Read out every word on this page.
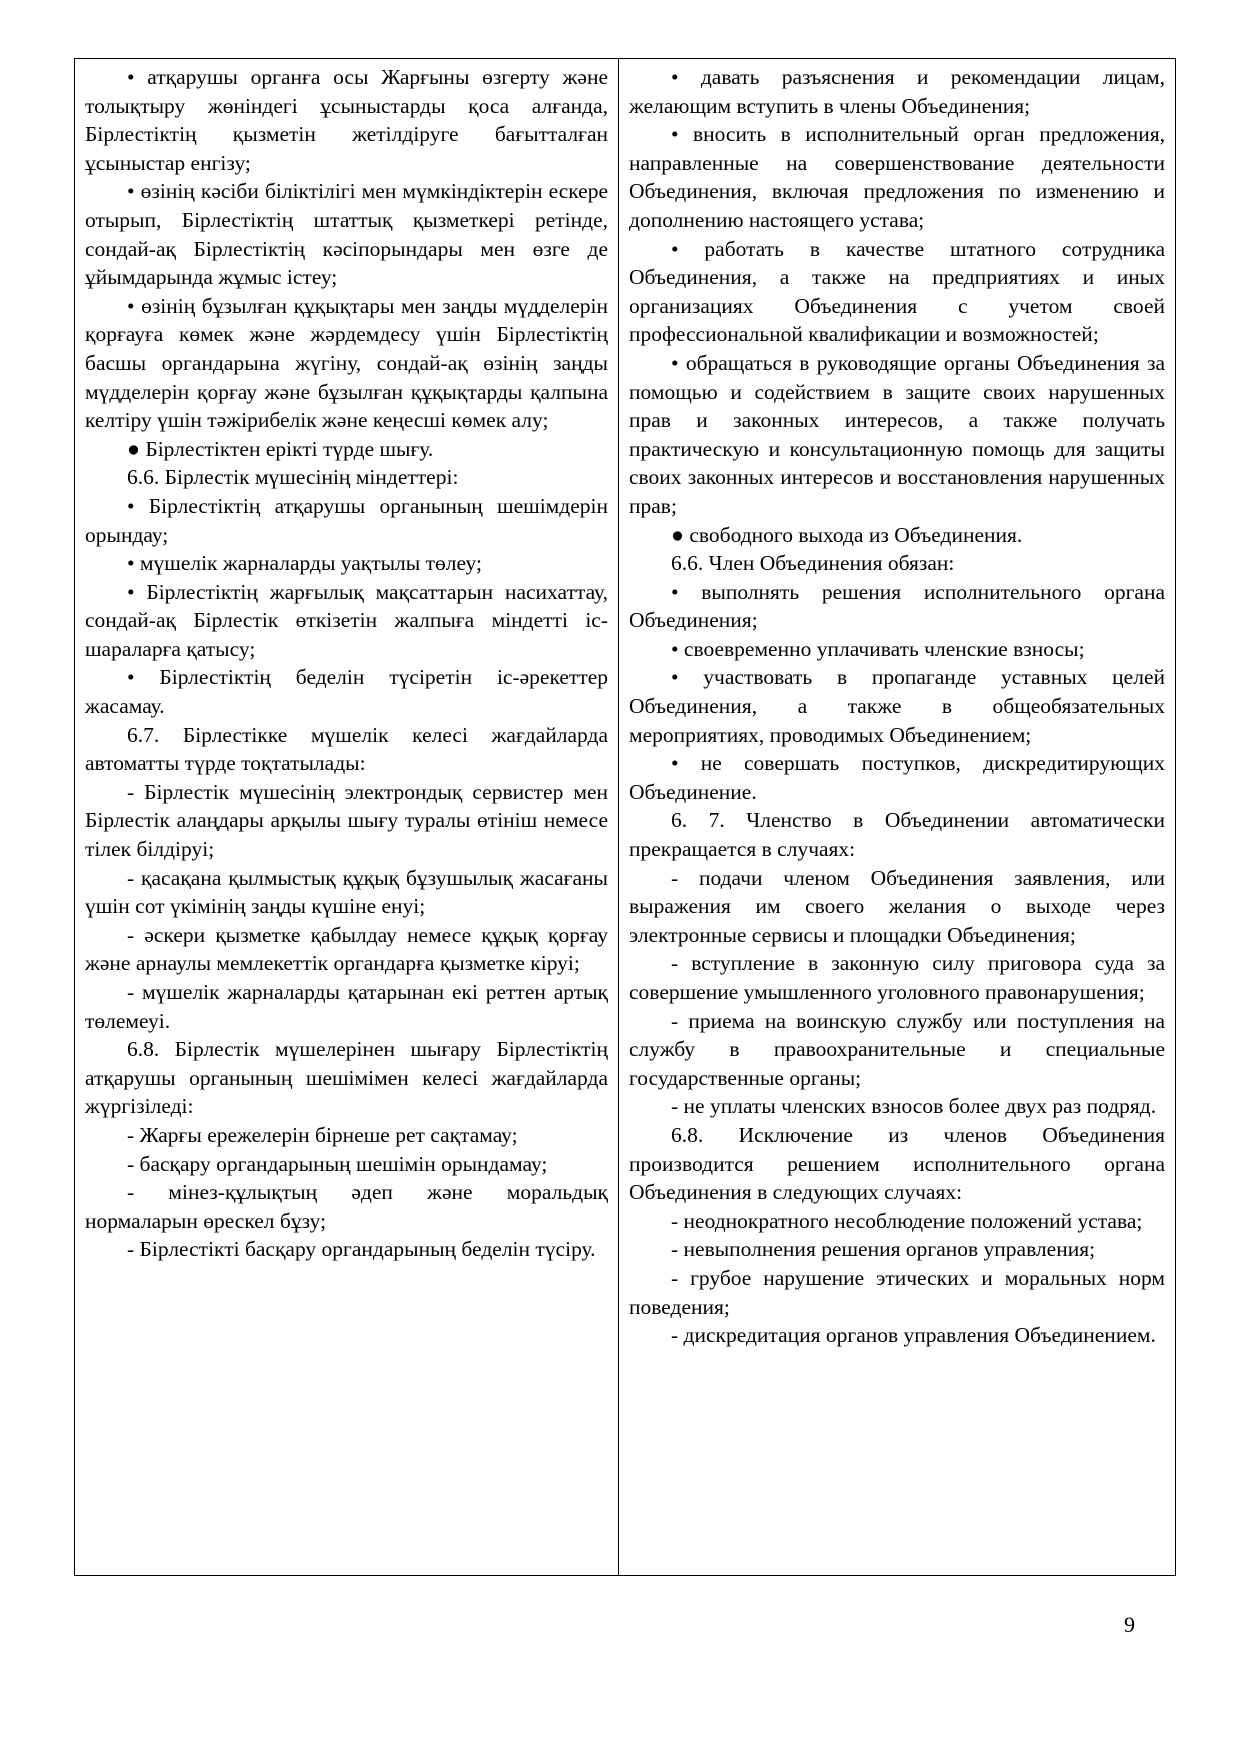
• атқарушы органға осы Жарғыны өзгерту және толықтыру жөніндегі ұсыныстарды қоса алғанда, Бірлестіктің қызметін жетілдіруге бағытталған ұсыныстар енгізу;

• өзінің кәсіби біліктілігі мен мүмкіндіктерін ескере отырып, Бірлестіктің штаттық қызметкері ретінде, сондай-ақ Бірлестіктің кәсіпорындары мен өзге де ұйымдарында жұмыс істеу;

• өзінің бұзылған құқықтары мен заңды мүдделерін қорғауға көмек және жәрдемдесу үшін Бірлестіктің басшы органдарына жүгіну, сондай-ақ өзінің заңды мүдделерін қорғау және бұзылған құқықтарды қалпына келтіру үшін тәжірибелік және кеңесші көмек алу;

● Бірлестіктен ерікті түрде шығу.

6.6. Бірлестік мүшесінің міндеттері:

• Бірлестіктің атқарушы органының шешімдерін орындау;

• мүшелік жарналарды уақтылы төлеу;

• Бірлестіктің жарғылық мақсаттарын насихаттау, сондай-ақ Бірлестік өткізетін жалпыға міндетті іс-шараларға қатысу;

• Бірлестіктің беделін түсіретін іс-әрекеттер жасамау.

6.7. Бірлестікке мүшелік келесі жағдайларда автоматты түрде тоқтатылады:

- Бірлестік мүшесінің электрондық сервистер мен Бірлестік алаңдары арқылы шығу туралы өтініш немесе тілек білдіруі;

- қасақана қылмыстық құқық бұзушылық жасағаны үшін сот үкімінің заңды күшіне енуі;

- әскери қызметке қабылдау немесе құқық қорғау және арнаулы мемлекеттік органдарға қызметке кіруі;

- мүшелік жарналарды қатарынан екі реттен артық төлемеуі.

6.8. Бірлестік мүшелерінен шығару Бірлестіктің атқарушы органының шешімімен келесі жағдайларда жүргізіледі:

- Жарғы ережелерін бірнеше рет сақтамау;

- басқару органдарының шешімін орындамау;

- мінез-құлықтың әдеп және моральдық нормаларын өрескел бұзу;

- Бірлестікті басқару органдарының беделін түсіру.

• давать разъяснения и рекомендации лицам, желающим вступить в члены Объединения;

• вносить в исполнительный орган предложения, направленные на совершенствование деятельности Объединения, включая предложения по изменению и дополнению настоящего устава;

• работать в качестве штатного сотрудника Объединения, а также на предприятиях и иных организациях Объединения с учетом своей профессиональной квалификации и возможностей;

• обращаться в руководящие органы Объединения за помощью и содействием в защите своих нарушенных прав и законных интересов, а также получать практическую и консультационную помощь для защиты своих законных интересов и восстановления нарушенных прав;

● свободного выхода из Объединения.

6.6. Член Объединения обязан:

• выполнять решения исполнительного органа Объединения;

• своевременно уплачивать членские взносы;

• участвовать в пропаганде уставных целей Объединения, а также в общеобязательных мероприятиях, проводимых Объединением;

• не совершать поступков, дискредитирующих Объединение.

6. 7. Членство в Объединении автоматически прекращается в случаях:

- подачи членом Объединения заявления, или выражения им своего желания о выходе через электронные сервисы и площадки Объединения;

- вступление в законную силу приговора суда за совершение умышленного уголовного правонарушения;

- приема на воинскую службу или поступления на службу в правоохранительные и специальные государственные органы;

- не уплаты членских взносов более двух раз подряд.

6.8. Исключение из членов Объединения производится решением исполнительного органа Объединения в следующих случаях:

- неоднократного несоблюдение положений устава;

- невыполнения решения органов управления;

- грубое нарушение этических и моральных норм поведения;

- дискредитация органов управления Объединением.

9
